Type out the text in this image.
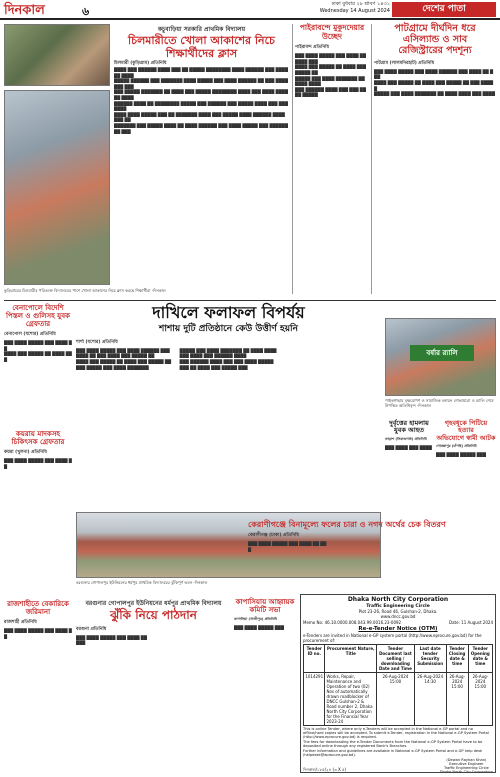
দিনকাল	৬
ঢাকা বুধবার ২৮ শ্রাবণ ১৪৩১
Wednesday 14 August 2024	দেশের পাতা
কচুবাড়িয়া সরকারি প্রাথমিক বিদ্যালয়
চিলমারীতে খোলা আকাশের নিচে শিক্ষার্থীদের ক্লাস
চিলমারী (কুড়িগ্রাম) প্রতিনিধি
████ ███ ██████ ████ ███ ██ █████ ████████ ████ ██████ ███ ██████ ████
█████ ██████ ███ ███████ ████ █████ ███ ████ ██████ ██ ███ ███████ ███
███ █████ ███████ ██ ████ ███ █████ ████████ ████ ███ ████ ████ ██ ████
██████ ████ ██ ████████ █████ ███ ██████ ███ █████ ████ ███ ███████
████ ████ █████ ███ ██ ███████ ████ ███ █████ ████ ██████ ████ ███ ██
███████ ███ █████ ████ ██ ████ ██████ ███ ████ █████ ███ ████████ ███
কুড়িগ্রামের চিলমারীর পরিত্যক্ত বিদ্যালয়ের পাশে খোলা আকাশের নিচে ক্লাস করছে শিক্ষার্থীরা -দিনকাল
পাইরাবন্দে মুকুদদেয়ার উচ্ছেদ
পাইরাবন্দ প্রতিনিধি
███ ████ █████ ███ ████ ██████ ███
████ ███ █████ ██ ████ ███ █████ ██
█████ ███ ████ ███████ ██ ████ ████
███ ██████ ████ ███ ███ ████ █████
পাটগ্রামে দীর্ঘদিন ধরে
এসিল্যান্ড ও সাব
রেজিস্ট্রারের পদশূন্য
পাটগ্রাম (লালমনিরহাট) প্রতিনিধি
███ ████ █████ ███ ████ ██████ ███ ████ ██ ███
████ ███ █████ ██ ████ ███ █████ ██ ███ █████
█████ ███ ████ ███████ ██ ████ ████ ███ ████
বেনাপোলে বিদেশি পিস্তল ও গুলিসহ যুবক গ্রেফতার
বেনাপোল (যশোর) প্রতিনিধি
███ ████ █████ ███ ████ ██
████ ███ █████ ██ ████ ███
দাখিলে ফলাফল বিপর্যয়
শাশায় দুটি প্রতিষ্ঠানে কেউ উত্তীর্ণ হয়নি
শার্শা (যশোর) প্রতিনিধি
███ ████ █████ ███ ████ ██████ ███ ████ ██ ███ ████ ███ █████ ██
████ ███ █████ ██ ████ ███ █████ ██ ███ █████ ███ ████ ███████
█████ ███ ████ ███████ ██ ████ ████ ███ ████ ███ ██████ ████
███ ██████ ████ ███ ███ ████ █████ ███ ██ ████ ███ █████ ███
বরগুনার গোপালপুর ইউনিয়নের ধর্মপুর প্রাথমিক বিদ্যালয়ের ঝুঁকিপূর্ণ ভবন -দিনকাল
বর্ষার র‍্যালি
পাইকগাছায় বৃক্ষরোপণ ও সামাজিক বনায়ন শোভাযাত্রা ও র‍্যালি শেষে উপস্থিত অতিথিবৃন্দ -দিনকাল
দুর্বৃত্তের হামলায় যুবক আহত
তাড়াশ (সিরাজগঞ্জ) প্রতিনিধি
███ ████ ███ ████
গৃহবধূকে পিটিয়ে হত্যার
অভিযোগে স্বামী আটক
গোমস্তাপুর (চাঁপাই) প্রতিনিধি
███ ████ █████ ███
কয়রায় মাদকসহ চিকিৎসক গ্রেফতার
কয়রা (খুলনা) প্রতিনিধি
███ ████ █████ ███ ████ ██
রাজশাহীতে বেকারিকে জরিমানা
রাজশাহী প্রতিনিধি
███ ████ █████ ███ ████ ██
কেরাণীগঞ্জে বিনামূল্যে ফলের চারা ও নগদ অর্থের চেক বিতরণ
কেরাণীগঞ্জ (ঢাকা) প্রতিনিধি
███ ████ █████ ███ ████ ██ ███
বরগুনার গোপালপুর ইউনিয়নের ধর্মপুর প্রাথমিক বিদ্যালয়
ঝুঁকি নিয়ে পাঠদান
বরগুনা প্রতিনিধি
███ ████ █████ ███ ████ ██ ███
কাপাসিয়ায় আহ্বায়ক কমিটি সভা
কাপাসিয়া (গাজীপুর) প্রতিনিধি
███ ████ █████ ███
Dhaka North City Corporation
Traffic Engineering Circle
Plot 23-26, Road 46, Gulshan-2, Dhaka.
www.dncc.gov.bd
Memo No: 46.10.0000.008.043.99.0016.23-0092	Date: 11 August 2024
Re-e-Tender Notice (OTM)
e-Tenders are invited in National e-GP system portal (http://www.eprocure.gov.bd) for the procurement of:
Tender ID no.	Procurement Nature, Title	Tender Document last selling / downloading Date and Time	Last date tender Security Submission	Tender Closing date & time	Tender Opening date & time
1014291	Works, Repair, Maintenance and Operation of two (02) Nos of automatically drawn roadblocker of DNCC Gulshan-2 & Road number 2, Dhaka North City Corporation for the Financial Year 2023-24	26-Aug-2024 15:00	26-Aug-2024 14:30	26-Aug-2024 15:00	26-Aug-2024 15:00
This is online Tender, where only e-Tenders will be accepted in the National e-GP portal and no offline/hard copies will be accepted. To submit e-Tender, registration in the National e-GP System Portal (http://www.eprocure.gov.bd) is required.
The fees for downloading the e-Tender Documents from the National e-GP System Portal have to be deposited online through any registered Bank's Branches.
Further information and guidelines are available in National e-GP System Portal and e-GP help desk (helpdesk@eprocure.gov.bd).
দিনকাল/১৮৫/২৪ (৩ X ৫)
(Dewan Rayhan Khan)
Executive Engineer
Traffic Engineering Circle
Dhaka North City Corporation
